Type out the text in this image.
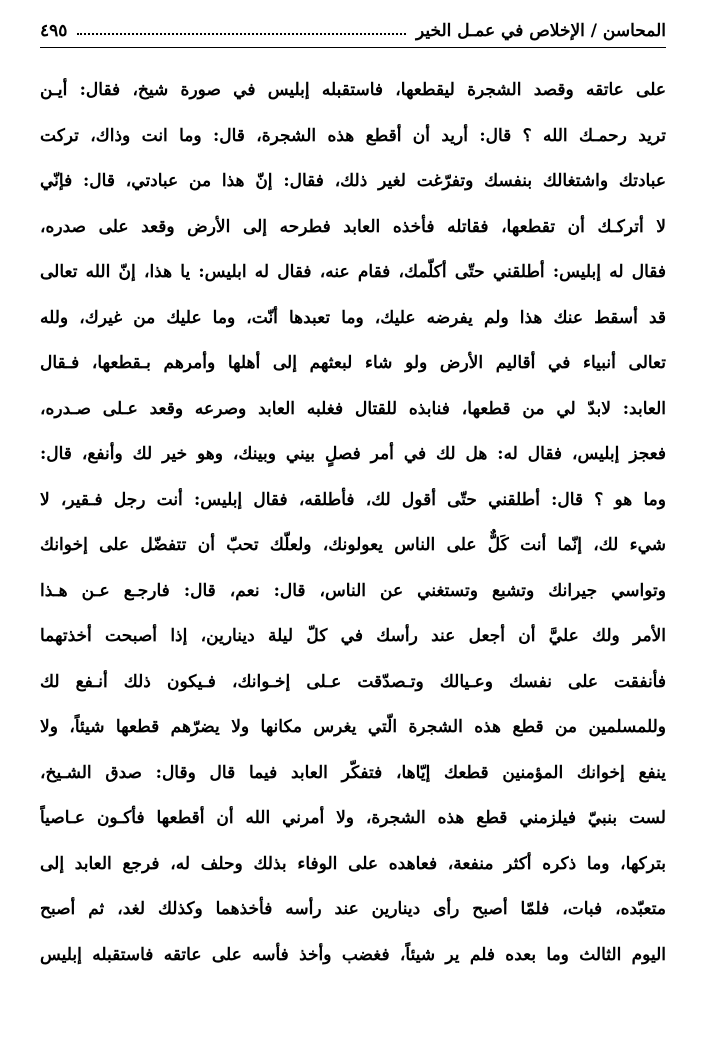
المحاسن / الإخلاص في عمـل الخير
٤٩٥
على عاتقه وقصد الشجرة ليقطعها، فاستقبله إبليس في صورة شيخ، فقال: أيـن
تريد رحمـك الله ؟ قال: أريد أن أقطع هذه الشجرة، قال: وما انت وذاك، تركت
عبادتك واشتغالك بنفسك وتفرّغت لغير ذلك، فقال: إنّ هذا من عبادتي، قال: فإنّي
لا أتركـك أن تقطعها، فقاتله فأخذه العابد فطرحه إلى الأرض وقعد على صدره،
فقال له إبليس: أطلقني حتّى أكلّمك، فقام عنه، فقال له ابليس: يا هذا، إنّ الله تعالى
قد أسقط عنك هذا ولم يفرضه عليك، وما تعبدها أنّت، وما عليك من غيرك، ولله
تعالى أنبياء في أقاليم الأرض ولو شاء لبعثهم إلى أهلها وأمرهم بـقطعها، فـقال
العابد: لابدّ لي من قطعها، فنابذه للقتال فغلبه العابد وصرعه وقعد عـلى صـدره،
فعجز إبليس، فقال له: هل لك في أمر فصلٍ بيني وبينك، وهو خير لك وأنفع، قال:
وما هو ؟ قال: أطلقني حتّى أقول لك، فأطلقه، فقال إبليس: أنت رجل فـقير، لا
شيء لك، إنّما أنت كَلٌّ على الناس يعولونك، ولعلّك تحبّ أن تتفضّل على إخوانك
وتواسي جيرانك وتشبع وتستغني عن الناس، قال: نعم، قال: فارجـع عـن هـذا
الأمر ولك عليَّ أن أجعل عند رأسك في كلّ ليلة دينارين، إذا أصبحت أخذتهما
فأنفقت على نفسك وعـيالك وتـصدّقت عـلى إخـوانك، فـيكون ذلك أنـفع لك
وللمسلمين من قطع هذه الشجرة الّتي يغرس مكانها ولا يضرّهم قطعها شيئاً، ولا
ينفع إخوانك المؤمنين قطعك إيّاها، فتفكّر العابد فيما قال وقال: صدق الشـيخ،
لست بنبيّ فيلزمني قطع هذه الشجرة، ولا أمرني الله أن أقطعها فأكـون عـاصياً
بتركها، وما ذكره أكثر منفعة، فعاهده على الوفاء بذلك وحلف له، فرجع العابد إلى
متعبّده، فبات، فلمّا أصبح رأى دينارين عند رأسه فأخذهما وكذلك لغد، ثم أصبح
اليوم الثالث وما بعده فلم ير شيئاً، فغضب وأخذ فأسه على عاتقه فاستقبله إبليس
